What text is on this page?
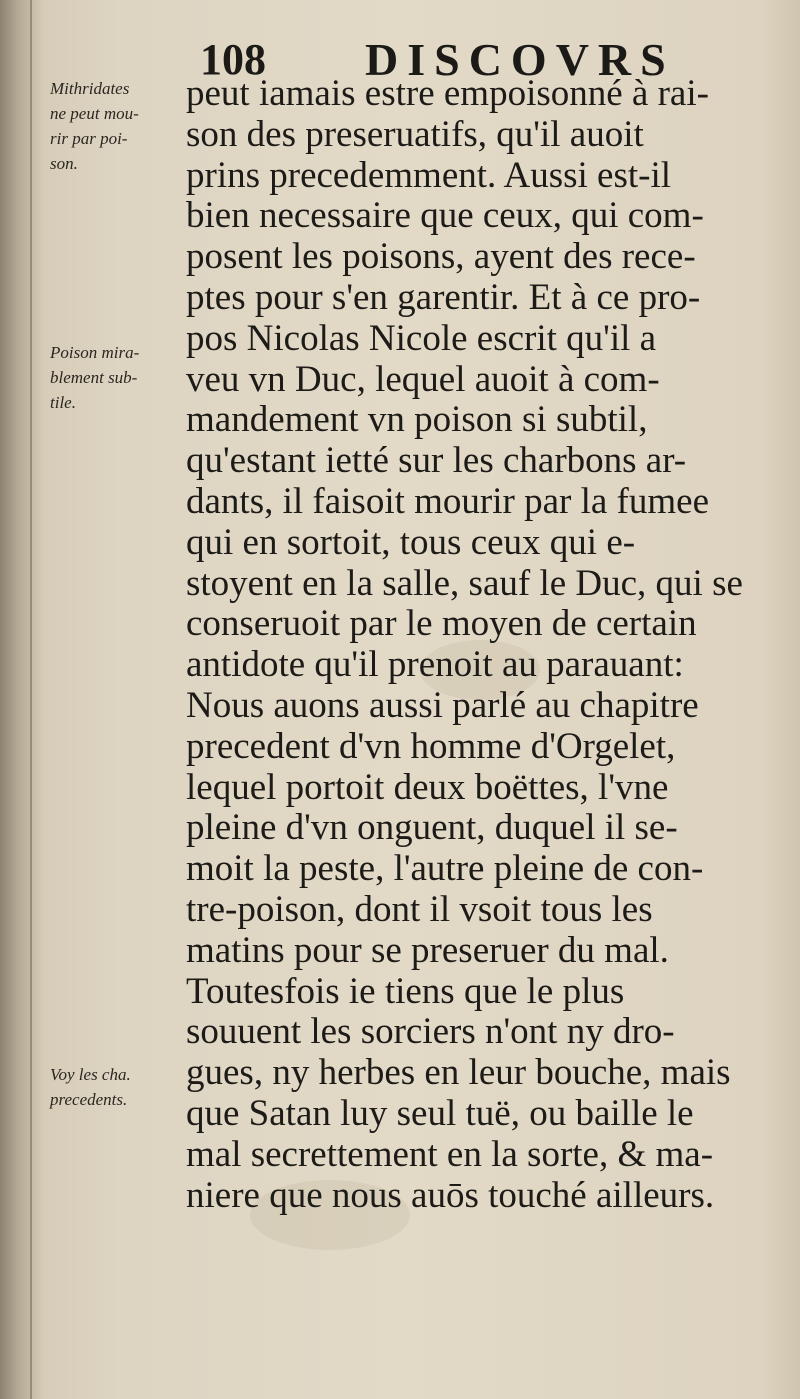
108 DISCOVRS
Mithridates
ne peut mou-
rir par poi-
son.
Poison mira-
blement sub-
tile.
Voy les cha.
precedents.
peut iamais estre empoisonné à rai-
son des preseruatifs, qu'il auoit
prins precedemment. Aussi est-il
bien necessaire que ceux, qui com-
posent les poisons, ayent des rece-
ptes pour s'en garentir. Et à ce pro-
pos Nicolas Nicole escrit qu'il a
veu vn Duc, lequel auoit à com-
mandement vn poison si subtil,
qu'estant ietté sur les charbons ar-
dants, il faisoit mourir par la fumee
qui en sortoit, tous ceux qui e-
stoyent en la salle, sauf le Duc, qui se
conseruoit par le moyen de certain
antidote qu'il prenoit au parauant:
Nous auons aussi parlé au chapitre
precedent d'vn homme d'Orgelet,
lequel portoit deux boëttes, l'vne
pleine d'vn onguent, duquel il se-
moit la peste, l'autre pleine de con-
tre-poison, dont il vsoit tous les
matins pour se preseruer du mal.
Toutesfois ie tiens que le plus
souuent les sorciers n'ont ny dro-
gues, ny herbes en leur bouche, mais
que Satan luy seul tuë, ou baille le
mal secrettement en la sorte, & ma-
niere que nous auōs touché ailleurs.
